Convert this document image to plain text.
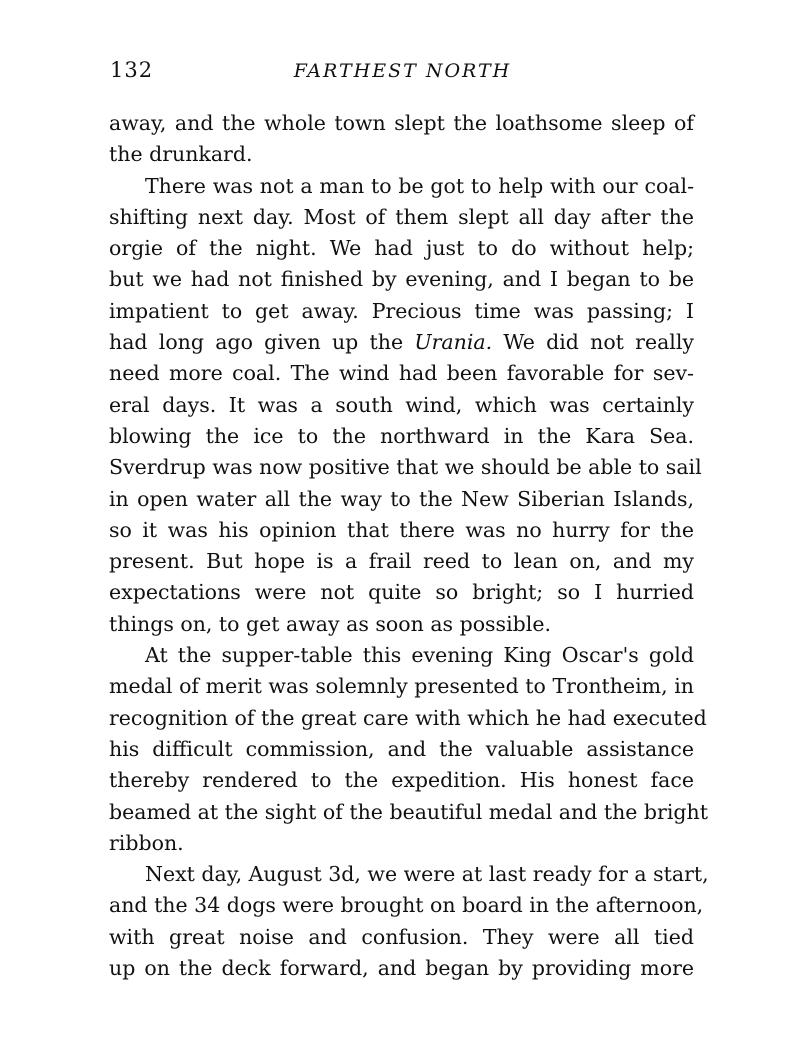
132	FARTHEST NORTH
away, and the whole town slept the loathsome sleep of
the drunkard.
There was not a man to be got to help with our coal-
shifting next day. Most of them slept all day after the
orgie of the night. We had just to do without help;
but we had not finished by evening, and I began to be
impatient to get away. Precious time was passing; I
had long ago given up the Urania. We did not really
need more coal. The wind had been favorable for sev-
eral days. It was a south wind, which was certainly
blowing the ice to the northward in the Kara Sea.
Sverdrup was now positive that we should be able to sail
in open water all the way to the New Siberian Islands,
so it was his opinion that there was no hurry for the
present. But hope is a frail reed to lean on, and my
expectations were not quite so bright; so I hurried
things on, to get away as soon as possible.
At the supper-table this evening King Oscar's gold
medal of merit was solemnly presented to Trontheim, in
recognition of the great care with which he had executed
his difficult commission, and the valuable assistance
thereby rendered to the expedition. His honest face
beamed at the sight of the beautiful medal and the bright
ribbon.
Next day, August 3d, we were at last ready for a start,
and the 34 dogs were brought on board in the afternoon,
with great noise and confusion. They were all tied
up on the deck forward, and began by providing more
